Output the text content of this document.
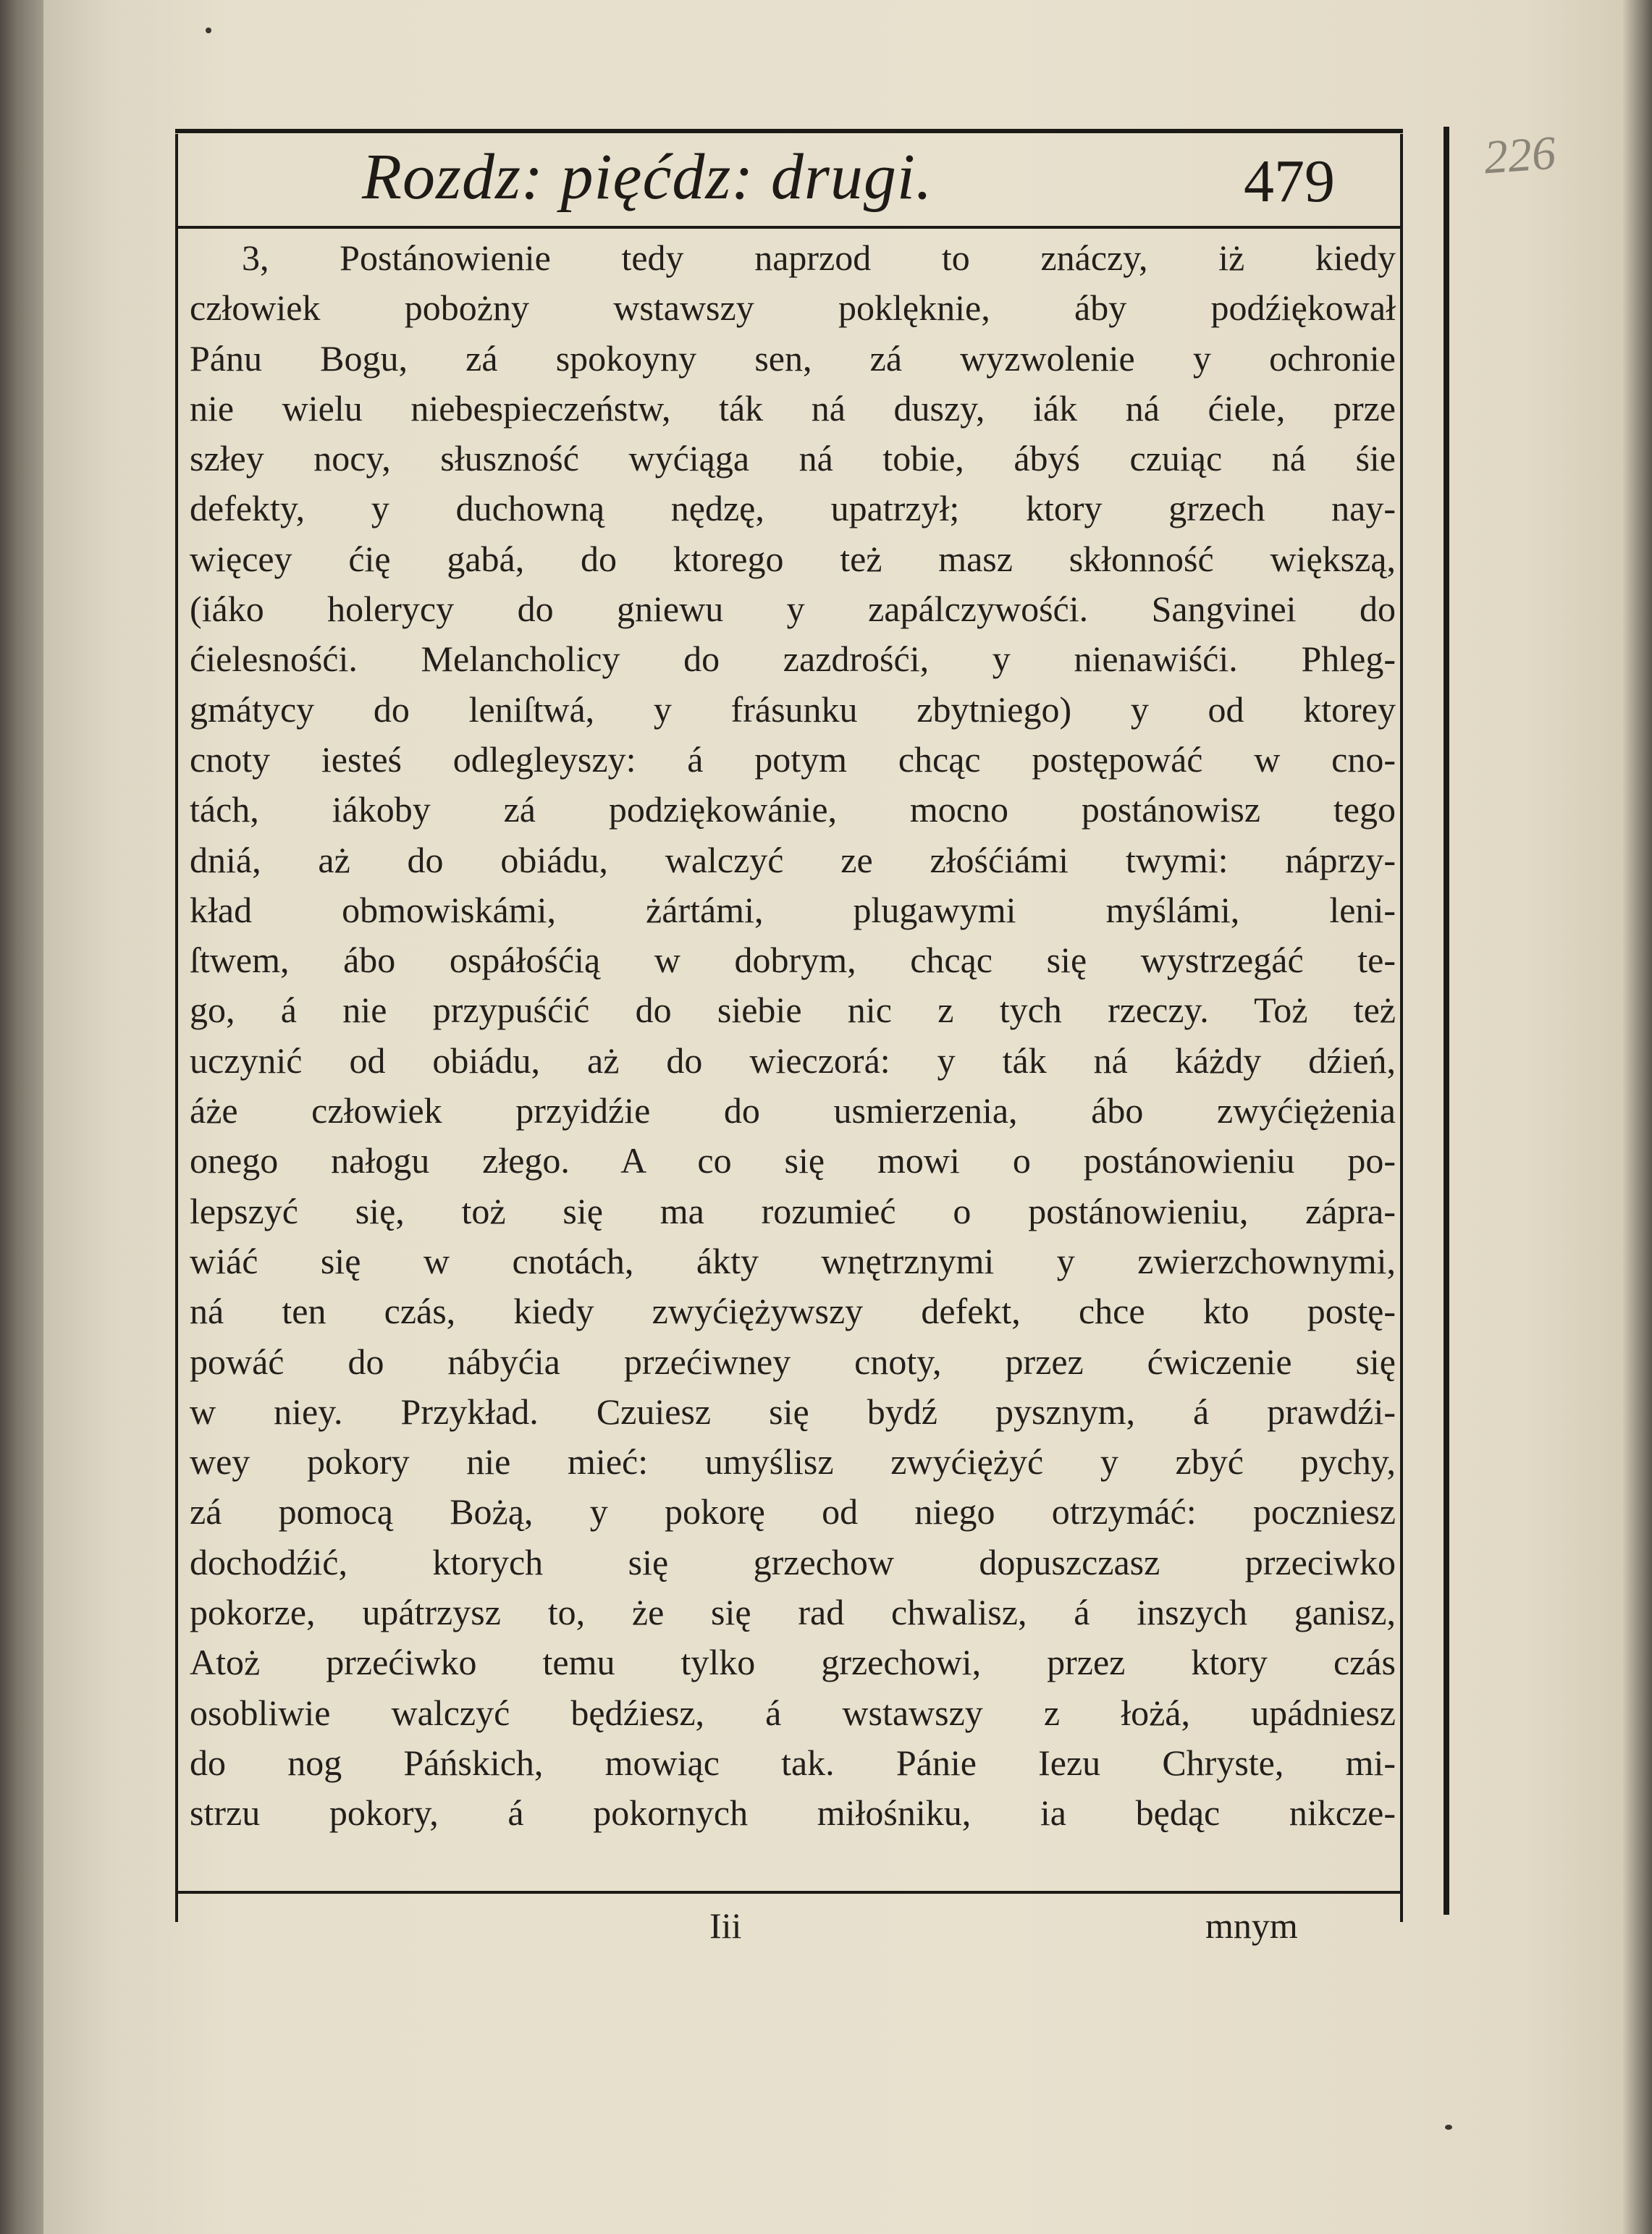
Rozdz: pięćdz: drugi.	479	226
3, Postánowienie tedy naprzod to znáczy, iż kiedy
człowiek pobożny wstawszy poklęknie, áby podźiękował
Pánu Bogu, zá spokoyny sen, zá wyzwolenie y ochronie
nie wielu niebespieczeństw, ták ná duszy, iák ná ćiele, prze
szłey nocy, słuszność wyćiąga ná tobie, ábyś czuiąc ná śie
defekty, y duchowną nędzę, upatrzył; ktory grzech nay-
więcey ćię gabá, do ktorego też masz skłonność większą,
(iáko holerycy do gniewu y zapálczywośći. Sangvinei do
ćielesnośći. Melancholicy do zazdrośći, y nienawiśći. Phleg-
gmátycy do leniſtwá, y frásunku zbytniego) y od ktorey
cnoty iesteś odlegleyszy: á potym chcąc postępowáć w cno-
tách, iákoby zá podziękowánie, mocno postánowisz tego
dniá, aż do obiádu, walczyć ze złośćiámi twymi: náprzy-
kład obmowiskámi, żártámi, plugawymi myślámi, leni-
ſtwem, ábo ospáłośćią w dobrym, chcąc się wystrzegáć te-
go, á nie przypuśćić do siebie nic z tych rzeczy. Toż też
uczynić od obiádu, aż do wieczorá: y ták ná káżdy dźień,
áże człowiek przyidźie do usmierzenia, ábo zwyćiężenia
onego nałogu złego. A co się mowi o postánowieniu po-
lepszyć się, toż się ma rozumieć o postánowieniu, zápra-
wiáć się w cnotách, ákty wnętrznymi y zwierzchownymi,
ná ten czás, kiedy zwyćiężywszy defekt, chce kto postę-
powáć do nábyćia przećiwney cnoty, przez ćwiczenie się
w niey. Przykład. Czuiesz się bydź pysznym, á prawdźi-
wey pokory nie mieć: umyślisz zwyćiężyć y zbyć pychy,
zá pomocą Bożą, y pokorę od niego otrzymáć: poczniesz
dochodźić, ktorych się grzechow dopuszczasz przeciwko
pokorze, upátrzysz to, że się rad chwalisz, á inszych ganisz,
Atoż przećiwko temu tylko grzechowi, przez ktory czás
osobliwie walczyć będźiesz, á wstawszy z łożá, upádniesz
do nog Páńskich, mowiąc tak. Pánie Iezu Chryste, mi-
strzu pokory, á pokornych miłośniku, ia będąc nikcze-
Iii	mnym
